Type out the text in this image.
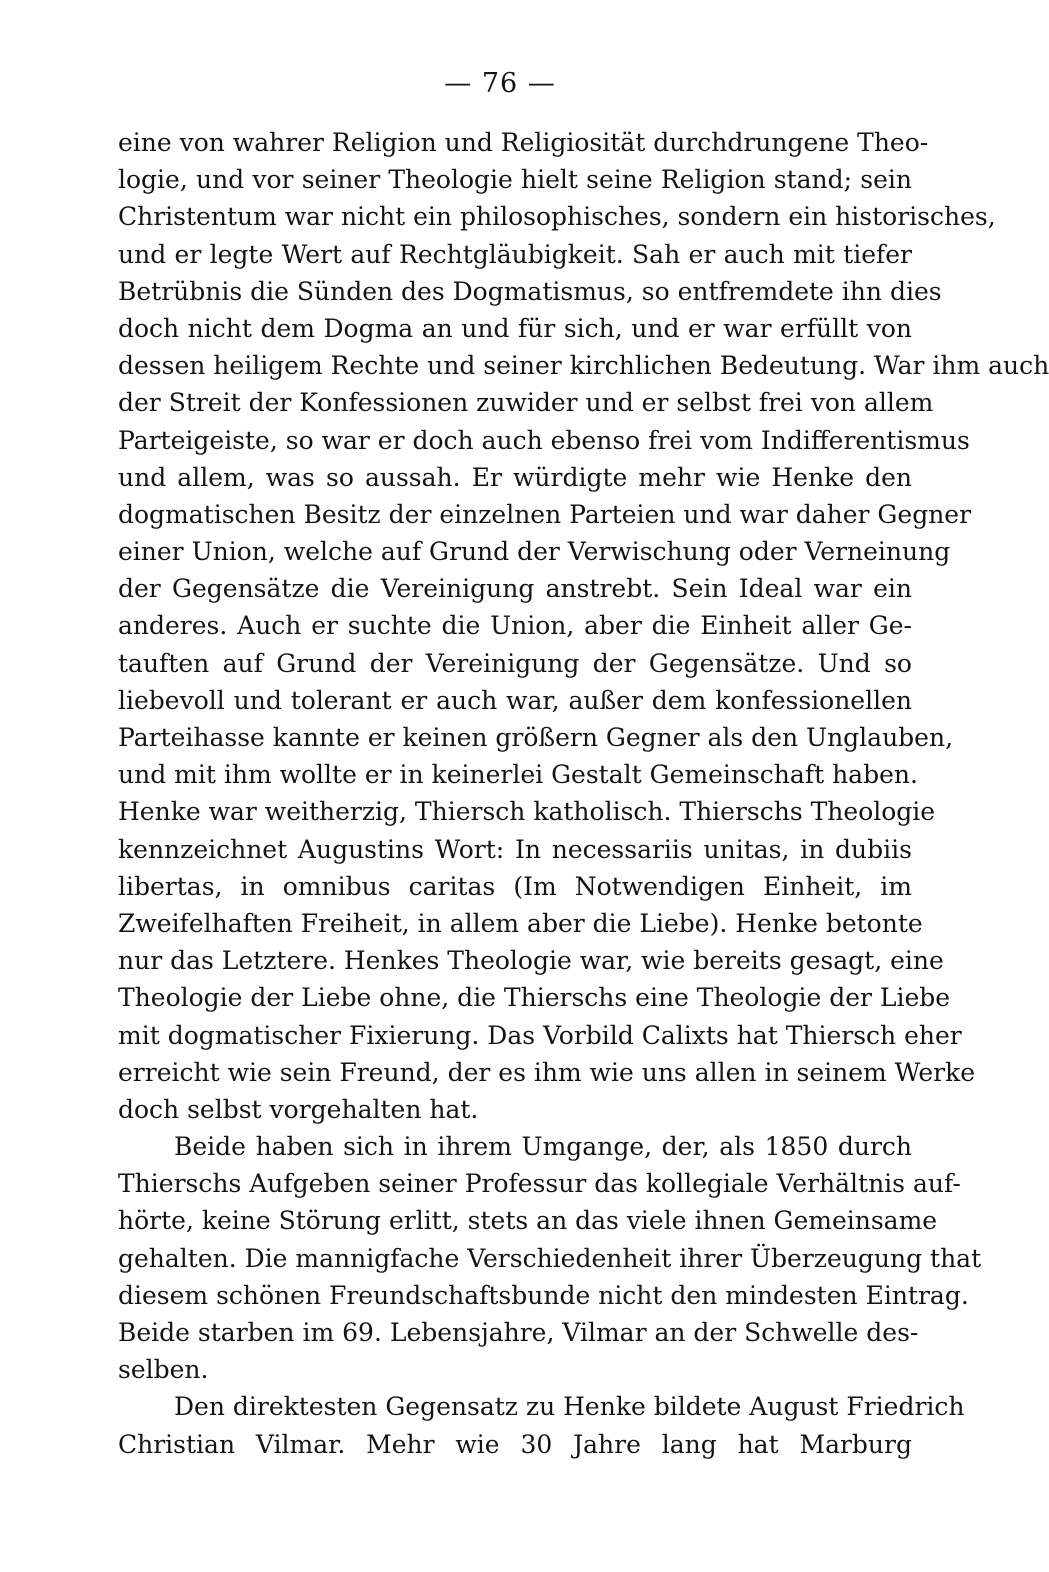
— 76 —
eine von wahrer Religion und Religiosität durchdrungene Theo-
logie, und vor seiner Theologie hielt seine Religion stand; sein
Christentum war nicht ein philosophisches, sondern ein historisches,
und er legte Wert auf Rechtgläubigkeit. Sah er auch mit tiefer
Betrübnis die Sünden des Dogmatismus, so entfremdete ihn dies
doch nicht dem Dogma an und für sich, und er war erfüllt von
dessen heiligem Rechte und seiner kirchlichen Bedeutung. War ihm auch
der Streit der Konfessionen zuwider und er selbst frei von allem
Parteigeiste, so war er doch auch ebenso frei vom Indifferentismus
und allem, was so aussah. Er würdigte mehr wie Henke den
dogmatischen Besitz der einzelnen Parteien und war daher Gegner
einer Union, welche auf Grund der Verwischung oder Verneinung
der Gegensätze die Vereinigung anstrebt. Sein Ideal war ein
anderes. Auch er suchte die Union, aber die Einheit aller Ge-
tauften auf Grund der Vereinigung der Gegensätze. Und so
liebevoll und tolerant er auch war, außer dem konfessionellen
Parteihasse kannte er keinen größern Gegner als den Unglauben,
und mit ihm wollte er in keinerlei Gestalt Gemeinschaft haben.
Henke war weitherzig, Thiersch katholisch. Thierschs Theologie
kennzeichnet Augustins Wort: In necessariis unitas, in dubiis
libertas, in omnibus caritas (Im Notwendigen Einheit, im
Zweifelhaften Freiheit, in allem aber die Liebe). Henke betonte
nur das Letztere. Henkes Theologie war, wie bereits gesagt, eine
Theologie der Liebe ohne, die Thierschs eine Theologie der Liebe
mit dogmatischer Fixierung. Das Vorbild Calixts hat Thiersch eher
erreicht wie sein Freund, der es ihm wie uns allen in seinem Werke
doch selbst vorgehalten hat.
Beide haben sich in ihrem Umgange, der, als 1850 durch
Thierschs Aufgeben seiner Professur das kollegiale Verhältnis auf-
hörte, keine Störung erlitt, stets an das viele ihnen Gemeinsame
gehalten. Die mannigfache Verschiedenheit ihrer Überzeugung that
diesem schönen Freundschaftsbunde nicht den mindesten Eintrag.
Beide starben im 69. Lebensjahre, Vilmar an der Schwelle des-
selben.
Den direktesten Gegensatz zu Henke bildete August Friedrich
Christian Vilmar. Mehr wie 30 Jahre lang hat Marburg
